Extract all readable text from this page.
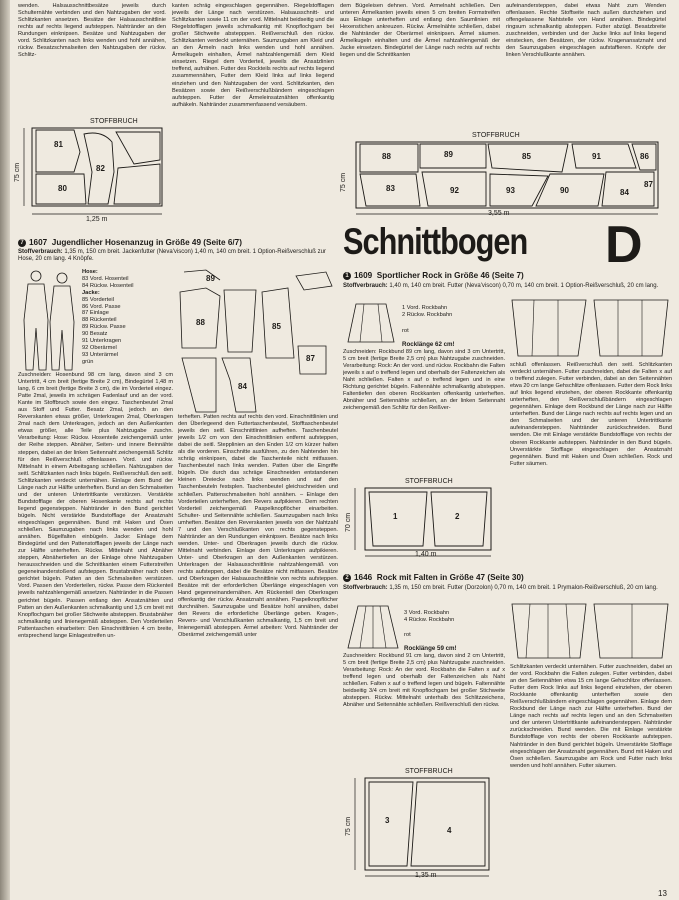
wenden. Halsausschnittbesätze jeweils durch Schulternähte verbinden und den Nahtzugaben der vord. Schlitzkanten ansetzen. Besätze der Halsausschnittlinie rechts auf rechts liegend aufsteppen. Nahtränder an den Rundungen einknipsen. Besätze und Nahtzugaben der vord. Schlitzkanten nach links wenden und hohl annähen, rückw. Besatzschmalseiten den Nahtzugaben der rückw. Schlitz-

kanten schräg eingeschlagen gegennähen. Riegelstofflagen jeweils der Länge nach verstürzen. Halsausschnitt- und Schlitzkanten sowie 11 cm der vord. Mittelnaht beidseitig und die Riegelstofflagen jeweils schmalkantig mit Knopflochgarn bei großer Stichweite abstepppen. Reißverschluß den rückw. Schlitzkanten verdeckt unternähen. Saumzugaben am Kleid und an den Ärmeln nach links wenden und hohl annähen. Ärmelkugeln einhalten, Ärmel nahtzahlengemäß dem Kleid einsetzen. Riegel dem Vorderteil, jeweils die Ansatzlinien treffend, aufnähen. Futter des Rockteils rechts auf rechts liegend zusammennähen, Futter dem Kleid links auf links liegend einziehen und den Nahtzugaben der vord. Schlitzkanten, den Besätzen sowie den Reißverschlußbändern eingeschlagen aufsteppen. Futter der Ärmeleinsatznähten offenkantig aufhäkeln. Nahtränder zusammenfassend versäubern.

dem Bügeleisen dehnen. Vord. Ärmelnaht schließen. Den unteren Ärmelkanten jeweils einen 5 cm breiten Formstreifen aus Einlage unterheften und entlang den Saumlinien mit Hexenstichen ankreuzen. Rückw. Ärmelnähte schließen, dabei die Nahtränder der Oberärmel einknipsen. Ärmel säumen. Ärmelkugeln einhalten und die Ärmel nahtzahlengemäß der Jacke einsetzen. Bindegürtel der Länge nach rechts auf rechts liegen und die Schnittkanten

aufeinandersteppen, dabei etwas Naht zum Wenden offenlassen. Rechte Stoffseite nach außen durchziehen und offengelassene Nahtstelle von Hand annähen. Bindegürtel ringsum schmalkantig absteppen. Futter abzügl. Besatzbreite zuschneiden, verbinden und der Jacke links auf links liegend einstecken, den Besätzen, der rückw. Kragenansatznaht und den Saumzugaben eingeschlagen aufstaffieren. Knöpfe der linken Verschlußkante annähen.

STOFFBRUCH
81
82
80
75 cm
1,25 m
STOFFBRUCH
88	89	85
83	92	93
91
90
86
87
84
75 cm
3,55 m
Schnittbogen D
7 1607 Jugendlicher Hosenanzug in Größe 49 (Seite 6/7)
Stoffverbrauch: 1,35 m, 150 cm breit. Jackenfutter (Neva'viscon) 1,40 m, 140 cm breit. 1 Option-Reißverschluß zur Hose, 20 cm lang. 4 Knöpfe.
Hose:
83 Vord. Hosenteil
84 Rückw. Hosenteil
Jacke:
85 Vorderteil
86 Vord. Passe
87 Einlage
88 Rückenteil
89 Rückw. Passe
90 Besatz
91 Unterkragen
92 Oberärmel
93 Unterärmel
grün
88	85
87
84
89

Zuschneiden: Hosenbund 98 cm lang, davon sind 3 cm Untertritt, 4 cm breit (fertige Breite 2 cm), Bindegürtel 1,48 m lang, 6 cm breit (fertige Breite 3 cm), die im Vorderteil eingez. Patte 2mal, jeweils im schrägen Fadenlauf und an der vord. Kante im Stoffbruch sowie den eingez. Taschenbeutel 2mal aus Stoff und Futter. Besatz 2mal, jedoch an den Reverskanten etwas größer, Unterkragen 2mal, Oberkragen 2mal nach dem Unterkragen, jedoch an den Außenkanten etwas größer, alle Teile plus Nahtzugabe zuschn. Verarbeitung: Hose: Rückw. Hosenteile zeichengemäß unter der Reihe steppen. Abnäher, Seiten- und innere Beinnähte steppen, dabei an der linken Seitennaht zeichengemäß Schlitz für den Reißverschluß offenlassen. Vord. und rückw. Mittelnaht in einem Arbeitsgang schließen. Nahtzugaben der seitl. Schlitzkanten nach links bügeln. Reißverschluß den seitl. Schlitzkanten verdeckt unternähen. Einlage dem Bund der Länge nach zur Hälfte unterheften. Bund an den Schmalseiten und der unteren Untertrittkante verstürzen. Verstärkte Bundstofflage der oberen Hosenkante rechts auf rechts liegend gegensteppen. Nahtränder in den Bund gerichtet bügeln. Nicht verstärkte Bundstofflage der Ansatznaht eingeschlagen gegennähen. Bund mit Haken und Ösen schließen. Saumzugaben nach links wenden und hohl annähen. Bügelfalten einbügeln. Jacke: Einlage dem Bindegürtel und den Pattenstofflagen jeweils der Länge nach zur Hälfte unterheften. Rückw. Mittelnaht und Abnäher steppen, Abnähertiefen an der Einlage ohne Nahtzugaben herausschneiden und die Schnittkanten einem Futterstreifen gegeneinanderstoßend aufsteppen. Brustabnäher nach oben gerichtet bügeln. Patten an den Schmalseiten verstürzen. Vord. Passen den Vorderteilen, rückw. Passe dem Rückenteil jeweils nahtzahlengemäß ansetzen. Nahtränder in die Passen gerichtet bügeln. Passen entlang den Ansatznähten und Patten an den Außenkanten schmalkantig und 1,5 cm breit mit Knopflochgarn bei großer Stichweite absteppen. Brustabnäher schmalkantig und linienegemäß absteppen. Den Vorderteilen Pattentaschen einarbeiten: Den Einschnittlinien 4 cm breite, entsprechend lange Einlagestreifen un-

terheften. Patten rechts auf rechts den vord. Einschnittlinien und den Überlegeend den Futtertaschenbeutel, Stofftaschenbeutel jeweils den seitl. Einschnittlinien aufheften. Taschenbeutel jeweils 1/2 cm von den Einschnittlinien entfernt aufsteppen, dabei die seitl. Stepplinien an den Enden 1/2 cm kürzer halten als die vorderen. Einschnitte ausführen, zu den Nahtenden hin schräg einknipsen, dabei die Taschenteile nicht mitfassen. Taschenbeutel nach links wenden. Patten über die Eingriffe bügeln. Die durch das schräge Einschneiden entstandenen kleinen Dreiecke nach links wenden und auf den Taschenbeuteln festsplen. Taschenbeutel gleichschneiden und schließen. Pattenschmalseiten hohl annähen. – Einlage den Vorderteilen unterheften, den Revers aufpikieren. Dem rechten Vorderteil zeichengemäß Paspelknopflöcher einarbeiten. Schulter- und Seitennähte schließen. Saumzugaben nach links umheften. Besätze den Reverskanten jeweils von der Nahtzahl 7 und den Verschlußkanten von rechts gegensteppen. Nahtränder an den Rundungen einknipsen. Besätze nach links wenden. Unter- und Oberkragen jeweils durch die rückw. Mittelnaht verbinden. Einlage dem Unterkragen aufpikieren. Unter- und Oberkragen an den Außenkanten verstürzen. Unterkragen der Halsausschnittlinie nahtzahlengemäß von rechts aufsteppen, dabei die Besätze nicht mitfassen. Besätze und Oberkragen der Halsausschnittlinie von rechts aufsteppen. Besätze mit der erforderlichen Überlänge eingeschlagen von Hand gegenneinandernähen. Am Rückenteil den Oberkragen offenkantig der rückw. Ansatznaht annähen. Paspelknopflöcher durchnähen. Saumzugabe und Besätze hohl annähen, dabei den Revers die erforderliche Überlänge geben. Kragen-, Revers- und Verschlußkanten schmalkantig, 1,5 cm breit und linienegemäß absteppen. Ärmel arbeiten: Vord. Nahtränder der Oberärmel zeichengemäß unter

1 1609 Sportlicher Rock in Größe 46 (Seite 7)
Stoffverbrauch: 1,40 m, 140 cm breit. Futter (Neva'viscon) 0,70 m, 140 cm breit. 1 Option-Reißverschluß, 20 cm lang.
1 Vord. Rockbahn
2 Rückw. Rockbahn
rot
Rocklänge 62 cm!

Zuschneiden: Rockbund 89 cm lang, davon sind 3 cm Untertritt, 5 cm breit (fertige Breite 2,5 cm) plus Nahtzugabe zuschneiden. Verarbeitung: Rock: An der vord. und rückw. Rockbahn die Falten jeweils x auf o treffend legen und oberhalb der Faltenzeichen als Naht schließen. Falten x auf o treffend legen und in eine Richtung gerichtet bügeln. Faltennähte schmalkantig absteppen. Faltentiefen den oberen Rockkanten offenkantig unterheften. Abnäher und Seitennähte schließen, an der linken Seitennaht zeichengemäß den Schlitz für den Reißver-

schluß offenlassen. Reißverschluß den seitl. Schlitzkanten verdeckt unternähen. Futter zuschneiden, dabei die Falten x auf o treffend zulegen. Futter verbinden, dabei an den Seitennähten etwa 20 cm lange Gehschlitze offenlassen. Futter dem Rock links auf links liegend einziehen, der oberen Rockkante offenkantig unterheften, den Reißverschlußbändern eingeschlagen gegennähen. Einlage dem Rockbund der Länge nach zur Hälfte unterheften. Bund der Länge nach rechts auf rechts legen und an den Schmalseiten und der unteren Untertrittkante aufeinandersteppen. Nahtränder zurückschneiden. Bund wenden. Die mit Einlage verstärkte Bundstofflage von rechts der oberen Rockkante aufsteppen. Nahtränder in den Bund bügeln. Unverstärkte Stofflage eingeschlagen der Ansatznaht gegennähen. Bund mit Haken und Ösen schließen. Rock und Futter säumen.

STOFFBRUCH
1	2
70 cm
1,40 m
2 1646 Rock mit Falten in Größe 47 (Seite 30)
Stoffverbrauch: 1,35 m, 150 cm breit. Futter (Dorzolon) 0,70 m, 140 cm breit. 1 Prymalon-Reißverschluß, 20 cm lang.
3 Vord. Rockbahn
4 Rückw. Rockbahn
rot
Rocklänge 59 cm!

Zuschneiden: Rockbund 91 cm lang, davon sind 2 cm Untertritt, 5 cm breit (fertige Breite 2,5 cm) plus Nahtzugabe zuschneiden. Verarbeitung: Rock: An der vord. Rockbahn die Falten x auf x treffend legen und oberhalb der Faltenzeichen als Naht schließen. Falten x auf o treffend legen und bügeln. Faltennähte beidseitig 3/4 cm breit mit Knopflochgarn bei großer Stichweite absteppen. Rückw. Mittelnaht unterhalb des Schlitzzeichens, Abnäher und Seitennähte schließen. Reißverschluß den rückw.

Schlitzkanten verdeckt unternähen. Futter zuschneiden, dabei an der vord. Rockbahn die Falten zulegen. Futter verbinden, dabei an den Seitennähten etwa 15 cm lange Gehschlitze offenlassen. Futter dem Rock links auf links liegend einziehen, der oberen Rockkante offenkantig unterheften sowie den Reißverschlußbändern eingeschlagen gegennähen. Einlage dem Rockbund der Länge nach zur Hälfte unterheften. Bund der Länge nach rechts auf rechts legen und an den Schmalseiten und der unteren Untertrittkante aufeinandersteppen. Nahtränder zurückschneiden. Bund wenden. Die mit Einlage verstärkte Bundstofflage von rechts der oberen Rockkante aufsteppen. Nahtränder in den Bund gerichtet bügeln. Unverstärkte Stofflage eingeschlagen der Ansatznaht gegennähen. Bund mit Haken und Ösen schließen. Saumzugabe am Rock und Futter nach links wenden und hohl annähen. Futter säumen.

STOFFBRUCH
3
4
75 cm
1,35 m
13
